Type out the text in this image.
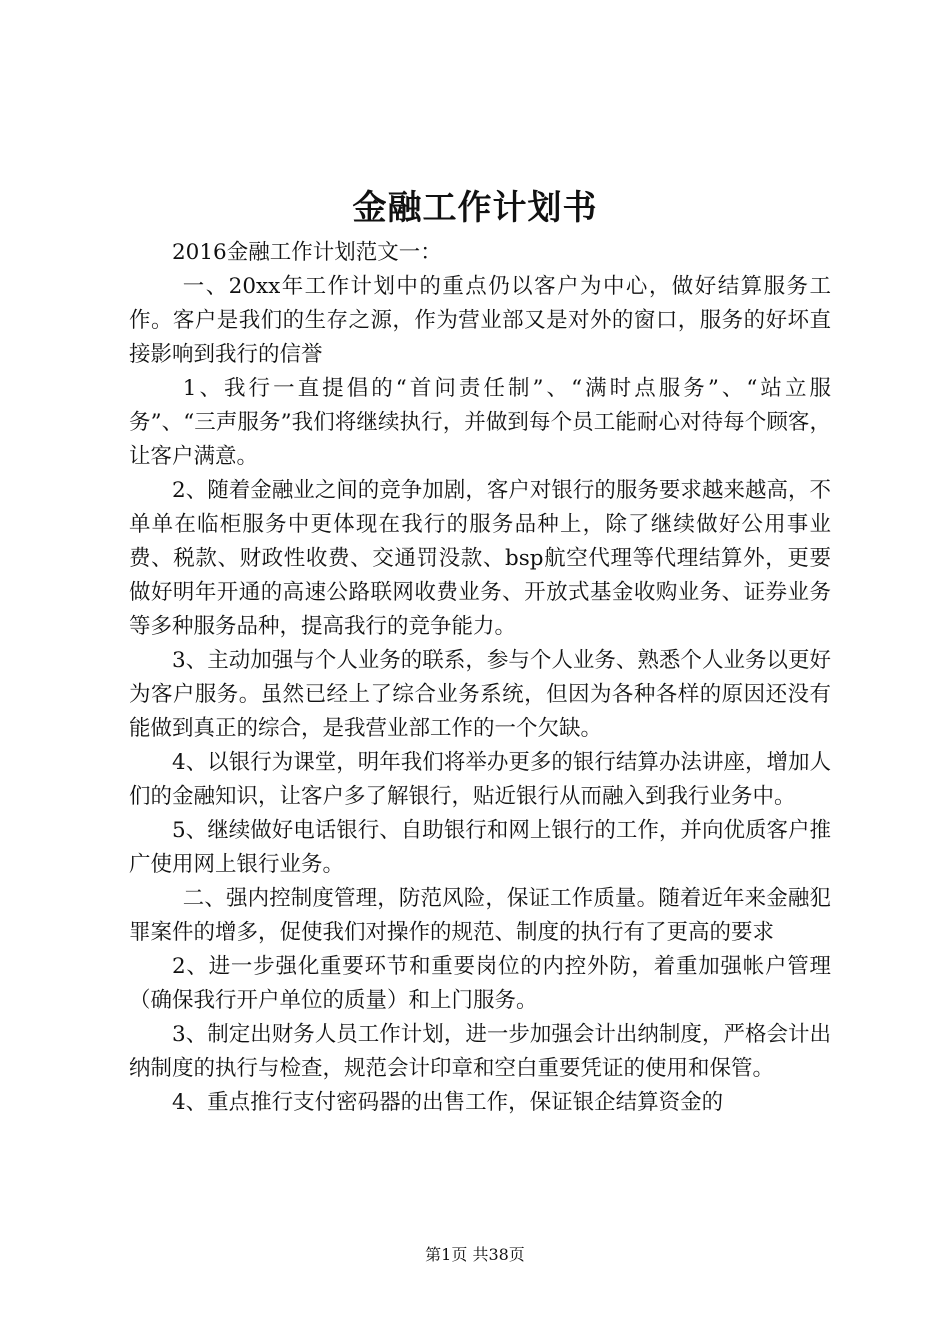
金融工作计划书

2016金融工作计划范文一：

一、20xx年工作计划中的重点仍以客户为中心，做好结算服务工作。客户是我们的生存之源，作为营业部又是对外的窗口，服务的好坏直接影响到我行的信誉

1、我行一直提倡的“首问责任制”、“满时点服务”、“站立服务”、“三声服务”我们将继续执行，并做到每个员工能耐心对待每个顾客，让客户满意。

2、随着金融业之间的竞争加剧，客户对银行的服务要求越来越高，不单单在临柜服务中更体现在我行的服务品种上，除了继续做好公用事业费、税款、财政性收费、交通罚没款、bsp航空代理等代理结算外，更要做好明年开通的高速公路联网收费业务、开放式基金收购业务、证券业务等多种服务品种，提高我行的竞争能力。

3、主动加强与个人业务的联系，参与个人业务、熟悉个人业务以更好为客户服务。虽然已经上了综合业务系统，但因为各种各样的原因还没有能做到真正的综合，是我营业部工作的一个欠缺。

4、以银行为课堂，明年我们将举办更多的银行结算办法讲座，增加人们的金融知识，让客户多了解银行，贴近银行从而融入到我行业务中。

5、继续做好电话银行、自助银行和网上银行的工作，并向优质客户推广使用网上银行业务。

二、强内控制度管理，防范风险，保证工作质量。随着近年来金融犯罪案件的增多，促使我们对操作的规范、制度的执行有了更高的要求

2、进一步强化重要环节和重要岗位的内控外防，着重加强帐户管理（确保我行开户单位的质量）和上门服务。

3、制定出财务人员工作计划，进一步加强会计出纳制度，严格会计出纳制度的执行与检查，规范会计印章和空白重要凭证的使用和保管。

4、重点推行支付密码器的出售工作，保证银企结算资金的

第1页 共38页
